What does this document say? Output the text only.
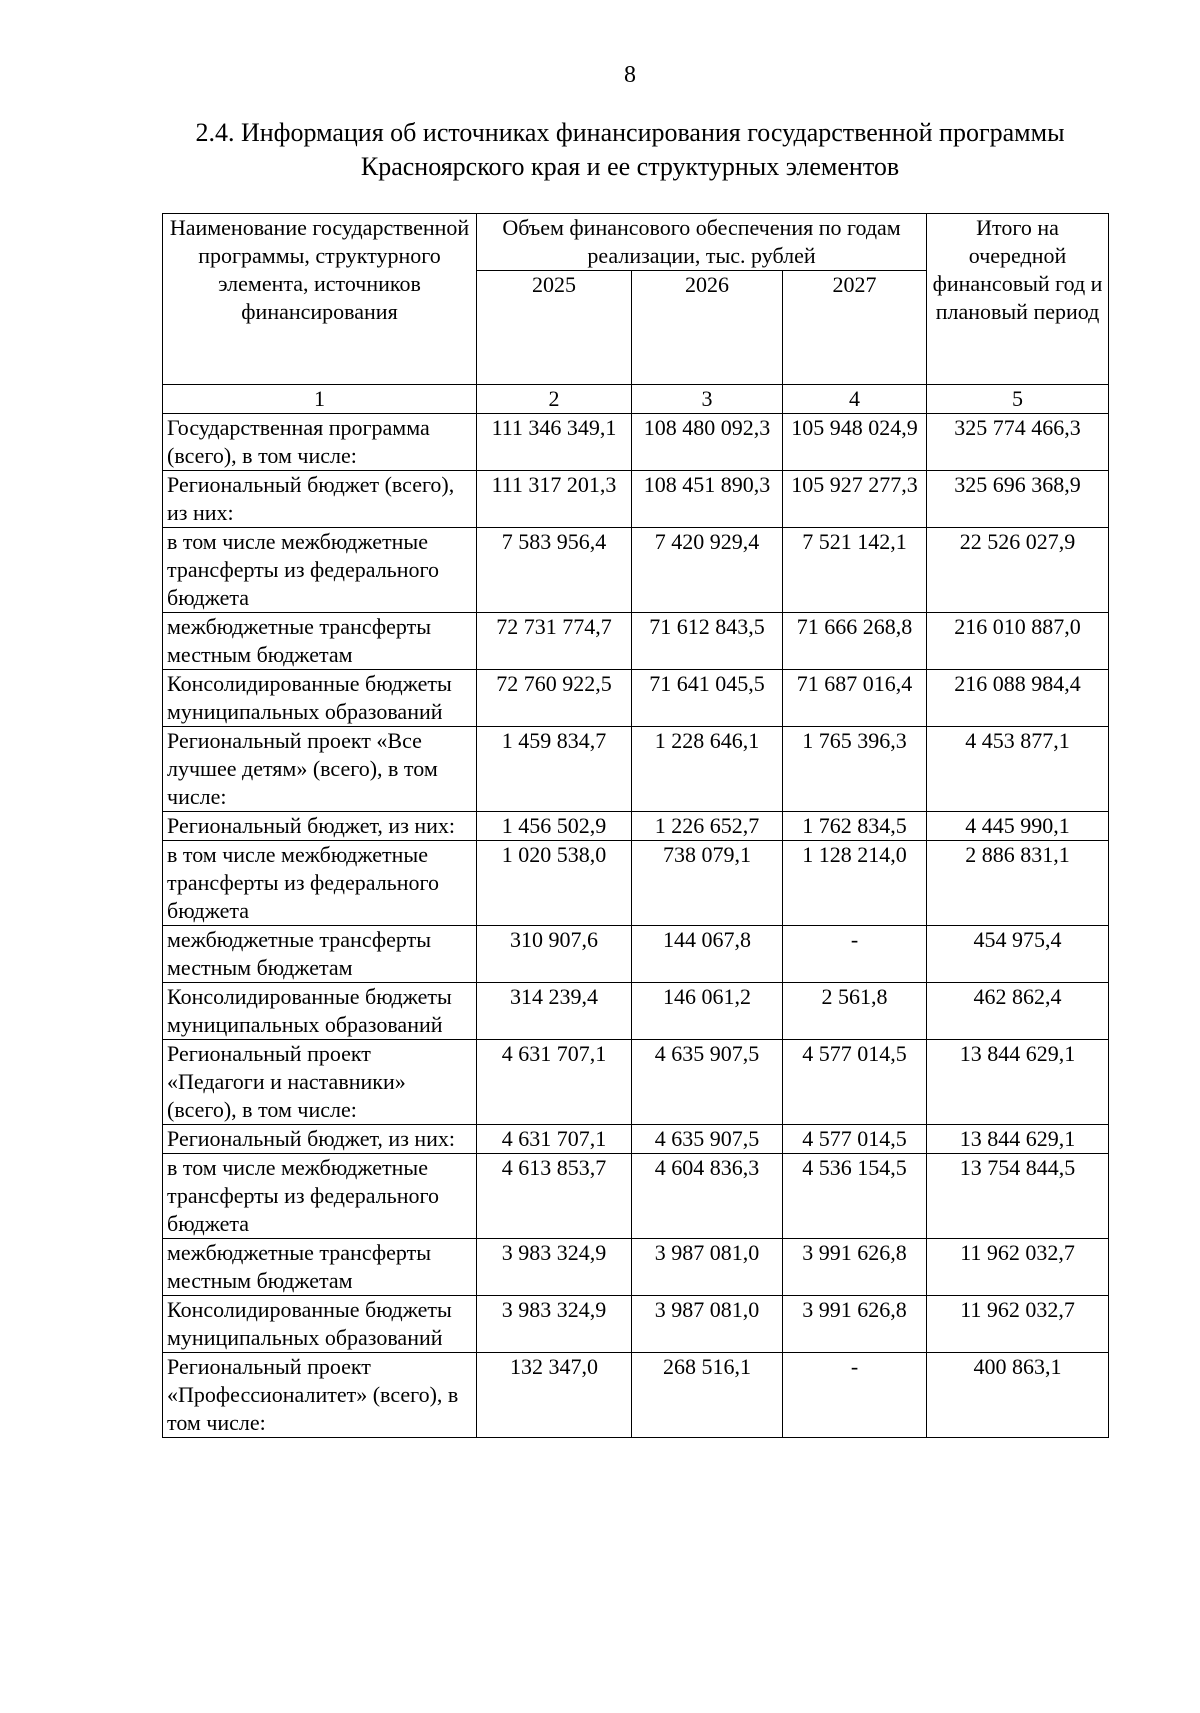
8
2.4. Информация об источниках финансирования государственной программы
Красноярского края и ее структурных элементов
Наименование государственной программы, структурного элемента, источников финансирования	Объем финансового обеспечения по годам реализации, тыс. рублей			Итого на очередной финансовый год и плановый период
	2025	2026	2027	
1	2	3	4	5
Государственная программа (всего), в том числе:	111 346 349,1	108 480 092,3	105 948 024,9	325 774 466,3
Региональный бюджет (всего), из них:	111 317 201,3	108 451 890,3	105 927 277,3	325 696 368,9
в том числе межбюджетные трансферты из федерального бюджета	7 583 956,4	7 420 929,4	7 521 142,1	22 526 027,9
межбюджетные трансферты местным бюджетам	72 731 774,7	71 612 843,5	71 666 268,8	216 010 887,0
Консолидированные бюджеты муниципальных образований	72 760 922,5	71 641 045,5	71 687 016,4	216 088 984,4
Региональный проект «Все лучшее детям» (всего), в том числе:	1 459 834,7	1 228 646,1	1 765 396,3	4 453 877,1
Региональный бюджет, из них:	1 456 502,9	1 226 652,7	1 762 834,5	4 445 990,1
в том числе межбюджетные трансферты из федерального бюджета	1 020 538,0	738 079,1	1 128 214,0	2 886 831,1
межбюджетные трансферты местным бюджетам	310 907,6	144 067,8	-	454 975,4
Консолидированные бюджеты муниципальных образований	314 239,4	146 061,2	2 561,8	462 862,4
Региональный проект «Педагоги и наставники» (всего), в том числе:	4 631 707,1	4 635 907,5	4 577 014,5	13 844 629,1
Региональный бюджет, из них:	4 631 707,1	4 635 907,5	4 577 014,5	13 844 629,1
в том числе межбюджетные трансферты из федерального бюджета	4 613 853,7	4 604 836,3	4 536 154,5	13 754 844,5
межбюджетные трансферты местным бюджетам	3 983 324,9	3 987 081,0	3 991 626,8	11 962 032,7
Консолидированные бюджеты муниципальных образований	3 983 324,9	3 987 081,0	3 991 626,8	11 962 032,7
Региональный проект «Профессионалитет» (всего), в том числе:	132 347,0	268 516,1	-	400 863,1
